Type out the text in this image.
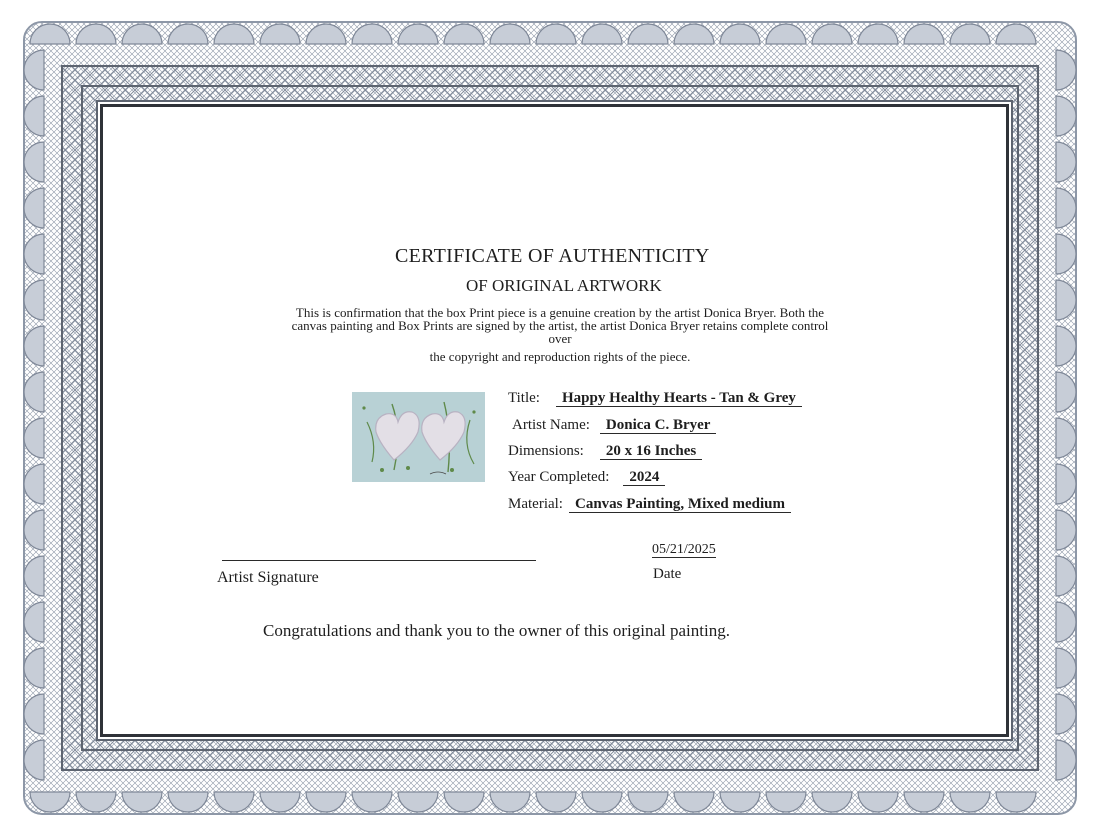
CERTIFICATE OF AUTHENTICITY
OF ORIGINAL ARTWORK
This is confirmation that the box Print piece is a genuine creation by the artist Donica Bryer. Both the
canvas painting and Box Prints are signed by the artist, the artist Donica Bryer retains complete control
over
the copyright and reproduction rights of the piece.
Title: Happy Healthy Hearts - Tan & Grey
Artist Name: Donica C. Bryer
Dimensions: 20 x 16 Inches
Year Completed: 2024
Material: Canvas Painting, Mixed medium
Artist Signature
05/21/2025
Date
Congratulations and thank you to the owner of this original painting.
